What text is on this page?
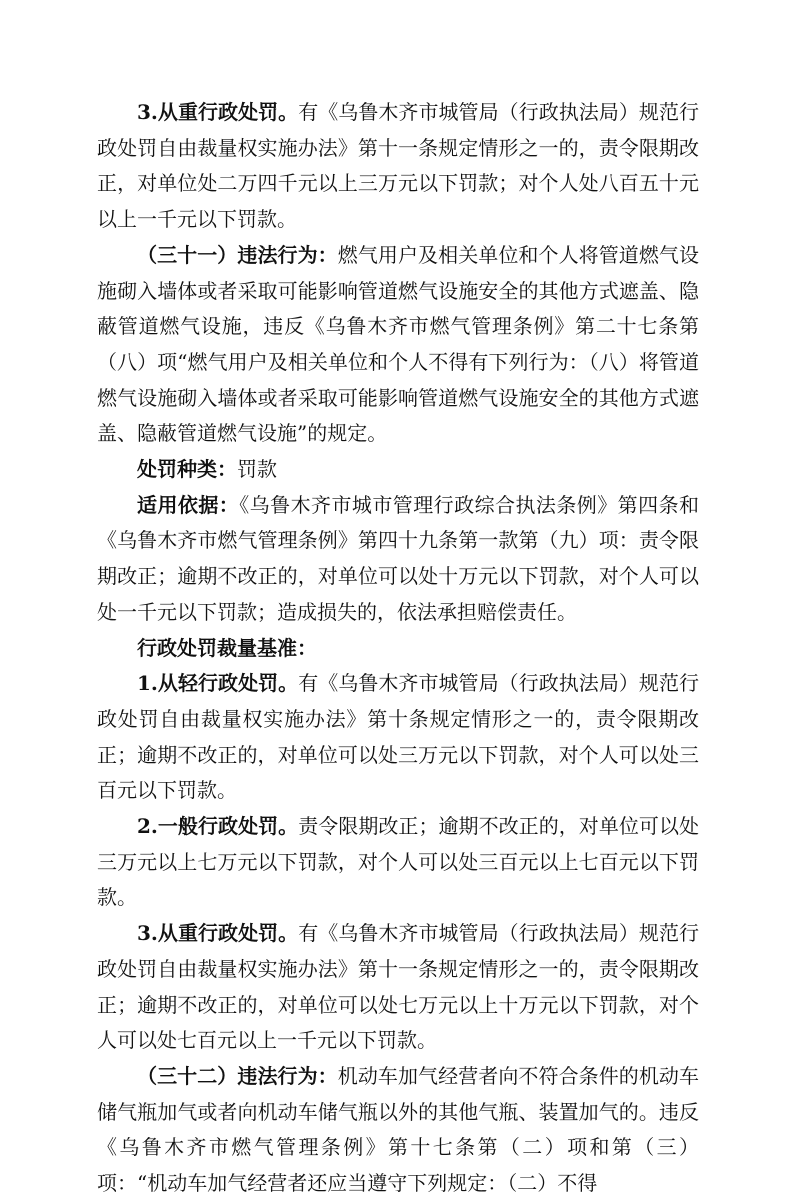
3.从重行政处罚。有《乌鲁木齐市城管局（行政执法局）规范行政处罚自由裁量权实施办法》第十一条规定情形之一的，责令限期改正，对单位处二万四千元以上三万元以下罚款；对个人处八百五十元以上一千元以下罚款。

（三十一）违法行为：燃气用户及相关单位和个人将管道燃气设施砌入墙体或者采取可能影响管道燃气设施安全的其他方式遮盖、隐蔽管道燃气设施，违反《乌鲁木齐市燃气管理条例》第二十七条第（八）项“燃气用户及相关单位和个人不得有下列行为：（八）将管道燃气设施砌入墙体或者采取可能影响管道燃气设施安全的其他方式遮盖、隐蔽管道燃气设施”的规定。

处罚种类：罚款

适用依据：《乌鲁木齐市城市管理行政综合执法条例》第四条和《乌鲁木齐市燃气管理条例》第四十九条第一款第（九）项：责令限期改正；逾期不改正的，对单位可以处十万元以下罚款，对个人可以处一千元以下罚款；造成损失的，依法承担赔偿责任。

行政处罚裁量基准：

1.从轻行政处罚。有《乌鲁木齐市城管局（行政执法局）规范行政处罚自由裁量权实施办法》第十条规定情形之一的，责令限期改正；逾期不改正的，对单位可以处三万元以下罚款，对个人可以处三百元以下罚款。

2.一般行政处罚。责令限期改正；逾期不改正的，对单位可以处三万元以上七万元以下罚款，对个人可以处三百元以上七百元以下罚款。

3.从重行政处罚。有《乌鲁木齐市城管局（行政执法局）规范行政处罚自由裁量权实施办法》第十一条规定情形之一的，责令限期改正；逾期不改正的，对单位可以处七万元以上十万元以下罚款，对个人可以处七百元以上一千元以下罚款。

（三十二）违法行为：机动车加气经营者向不符合条件的机动车储气瓶加气或者向机动车储气瓶以外的其他气瓶、装置加气的。违反《乌鲁木齐市燃气管理条例》第十七条第（二）项和第（三）项：“机动车加气经营者还应当遵守下列规定：（二）不得
